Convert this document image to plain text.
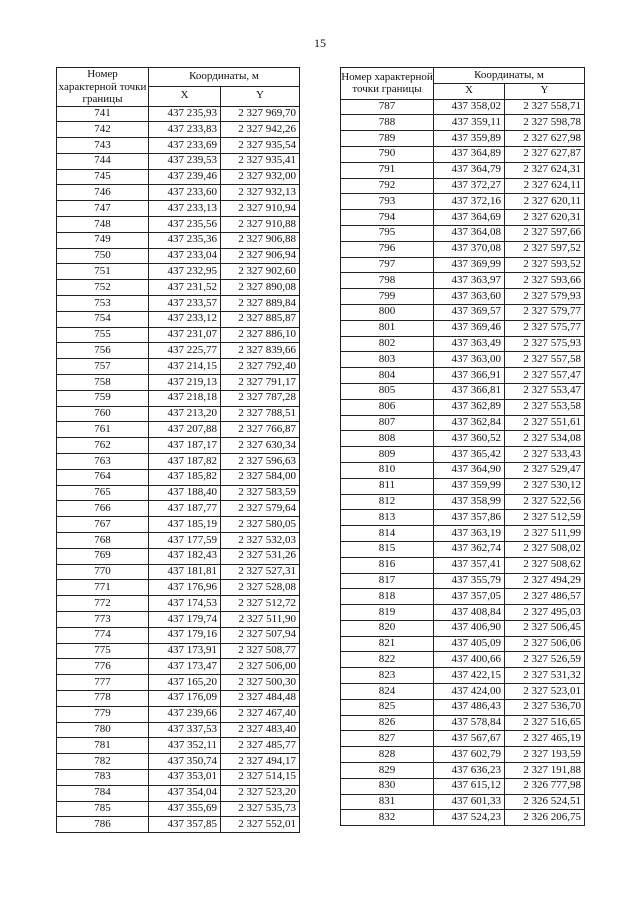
15
Номер характерной точки границы	Координаты, м	
	X	Y
741	437 235,93	2 327 969,70
742	437 233,83	2 327 942,26
743	437 233,69	2 327 935,54
744	437 239,53	2 327 935,41
745	437 239,46	2 327 932,00
746	437 233,60	2 327 932,13
747	437 233,13	2 327 910,94
748	437 235,56	2 327 910,88
749	437 235,36	2 327 906,88
750	437 233,04	2 327 906,94
751	437 232,95	2 327 902,60
752	437 231,52	2 327 890,08
753	437 233,57	2 327 889,84
754	437 233,12	2 327 885,87
755	437 231,07	2 327 886,10
756	437 225,77	2 327 839,66
757	437 214,15	2 327 792,40
758	437 219,13	2 327 791,17
759	437 218,18	2 327 787,28
760	437 213,20	2 327 788,51
761	437 207,88	2 327 766,87
762	437 187,17	2 327 630,34
763	437 187,82	2 327 596,63
764	437 185,82	2 327 584,00
765	437 188,40	2 327 583,59
766	437 187,77	2 327 579,64
767	437 185,19	2 327 580,05
768	437 177,59	2 327 532,03
769	437 182,43	2 327 531,26
770	437 181,81	2 327 527,31
771	437 176,96	2 327 528,08
772	437 174,53	2 327 512,72
773	437 179,74	2 327 511,90
774	437 179,16	2 327 507,94
775	437 173,91	2 327 508,77
776	437 173,47	2 327 506,00
777	437 165,20	2 327 500,30
778	437 176,09	2 327 484,48
779	437 239,66	2 327 467,40
780	437 337,53	2 327 483,40
781	437 352,11	2 327 485,77
782	437 350,74	2 327 494,17
783	437 353,01	2 327 514,15
784	437 354,04	2 327 523,20
785	437 355,69	2 327 535,73
786	437 357,85	2 327 552,01
Номер характерной точки границы	Координаты, м	
	X	Y
787	437 358,02	2 327 558,71
788	437 359,11	2 327 598,78
789	437 359,89	2 327 627,98
790	437 364,89	2 327 627,87
791	437 364,79	2 327 624,31
792	437 372,27	2 327 624,11
793	437 372,16	2 327 620,11
794	437 364,69	2 327 620,31
795	437 364,08	2 327 597,66
796	437 370,08	2 327 597,52
797	437 369,99	2 327 593,52
798	437 363,97	2 327 593,66
799	437 363,60	2 327 579,93
800	437 369,57	2 327 579,77
801	437 369,46	2 327 575,77
802	437 363,49	2 327 575,93
803	437 363,00	2 327 557,58
804	437 366,91	2 327 557,47
805	437 366,81	2 327 553,47
806	437 362,89	2 327 553,58
807	437 362,84	2 327 551,61
808	437 360,52	2 327 534,08
809	437 365,42	2 327 533,43
810	437 364,90	2 327 529,47
811	437 359,99	2 327 530,12
812	437 358,99	2 327 522,56
813	437 357,86	2 327 512,59
814	437 363,19	2 327 511,99
815	437 362,74	2 327 508,02
816	437 357,41	2 327 508,62
817	437 355,79	2 327 494,29
818	437 357,05	2 327 486,57
819	437 408,84	2 327 495,03
820	437 406,90	2 327 506,45
821	437 405,09	2 327 506,06
822	437 400,66	2 327 526,59
823	437 422,15	2 327 531,32
824	437 424,00	2 327 523,01
825	437 486,43	2 327 536,70
826	437 578,84	2 327 516,65
827	437 567,67	2 327 465,19
828	437 602,79	2 327 193,59
829	437 636,23	2 327 191,88
830	437 615,12	2 326 777,98
831	437 601,33	2 326 524,51
832	437 524,23	2 326 206,75
